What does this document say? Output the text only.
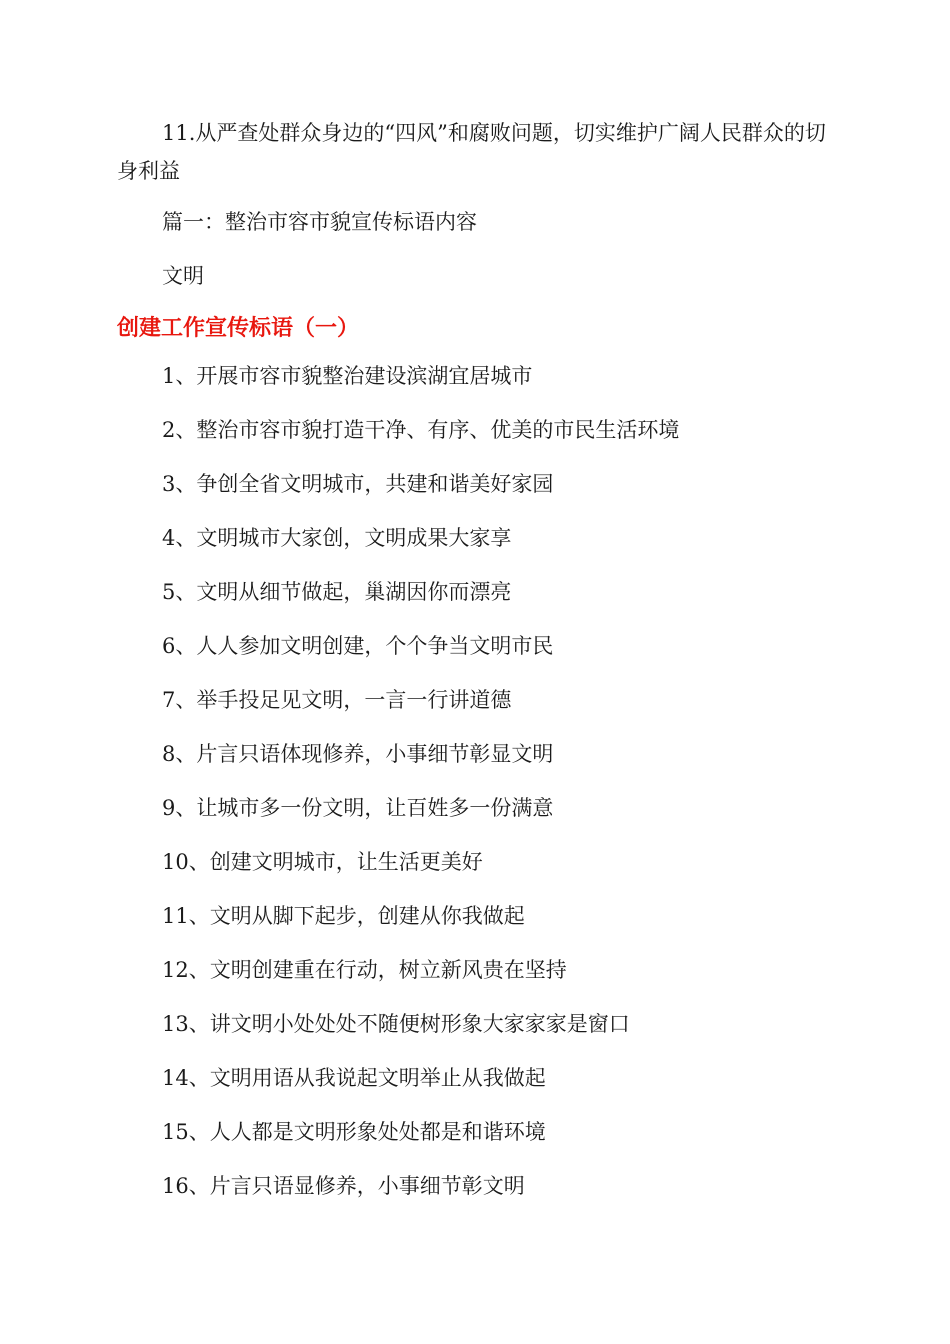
11.从严查处群众身边的“四风”和腐败问题，切实维护广阔人民群众的切身利益

篇一：整治市容市貌宣传标语内容

文明

创建工作宣传标语（一）
1、开展市容市貌整治建设滨湖宜居城市
2、整治市容市貌打造干净、有序、优美的市民生活环境
3、争创全省文明城市，共建和谐美好家园
4、文明城市大家创，文明成果大家享
5、文明从细节做起，巢湖因你而漂亮
6、人人参加文明创建，个个争当文明市民
7、举手投足见文明，一言一行讲道德
8、片言只语体现修养，小事细节彰显文明
9、让城市多一份文明，让百姓多一份满意
10、创建文明城市，让生活更美好
11、文明从脚下起步，创建从你我做起
12、文明创建重在行动，树立新风贵在坚持
13、讲文明小处处处不随便树形象大家家家是窗口
14、文明用语从我说起文明举止从我做起
15、人人都是文明形象处处都是和谐环境
16、片言只语显修养，小事细节彰文明
